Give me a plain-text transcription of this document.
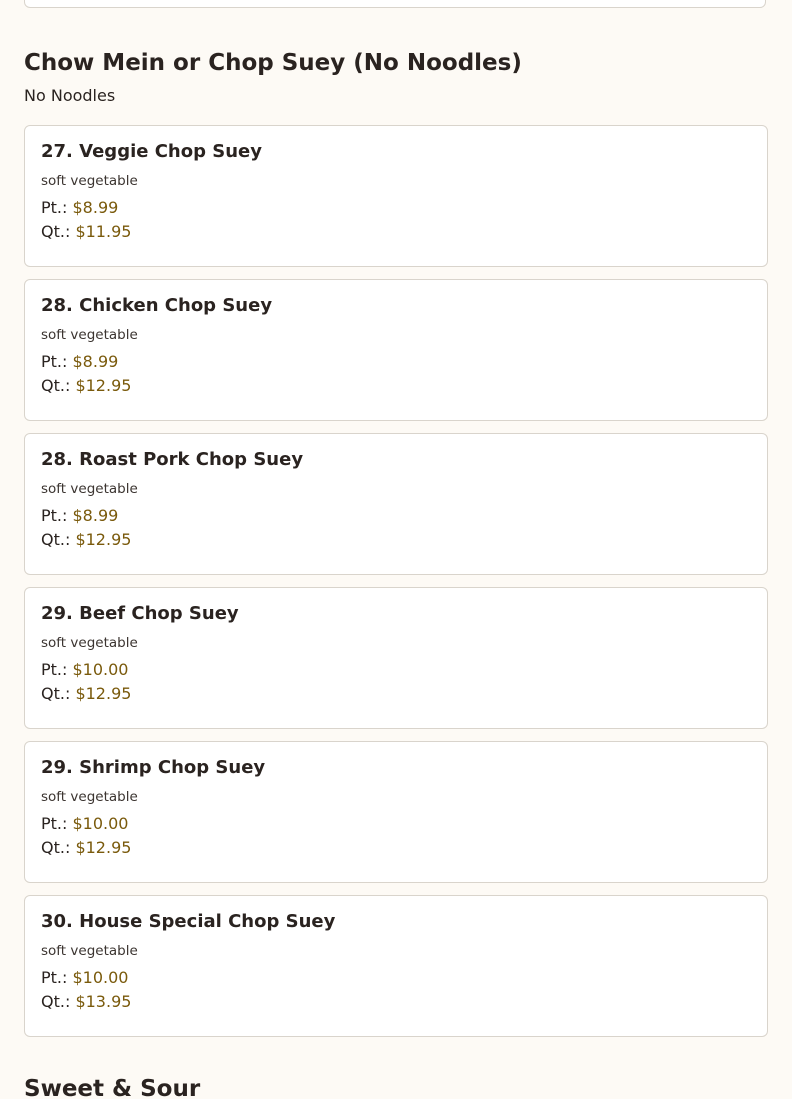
Chow Mein or Chop Suey (No Noodles)
No Noodles
27. Veggie Chop Suey
soft vegetable
Pt.: $8.99
Qt.: $11.95
28. Chicken Chop Suey
soft vegetable
Pt.: $8.99
Qt.: $12.95
28. Roast Pork Chop Suey
soft vegetable
Pt.: $8.99
Qt.: $12.95
29. Beef Chop Suey
soft vegetable
Pt.: $10.00
Qt.: $12.95
29. Shrimp Chop Suey
soft vegetable
Pt.: $10.00
Qt.: $12.95
30. House Special Chop Suey
soft vegetable
Pt.: $10.00
Qt.: $13.95
Sweet & Sour
